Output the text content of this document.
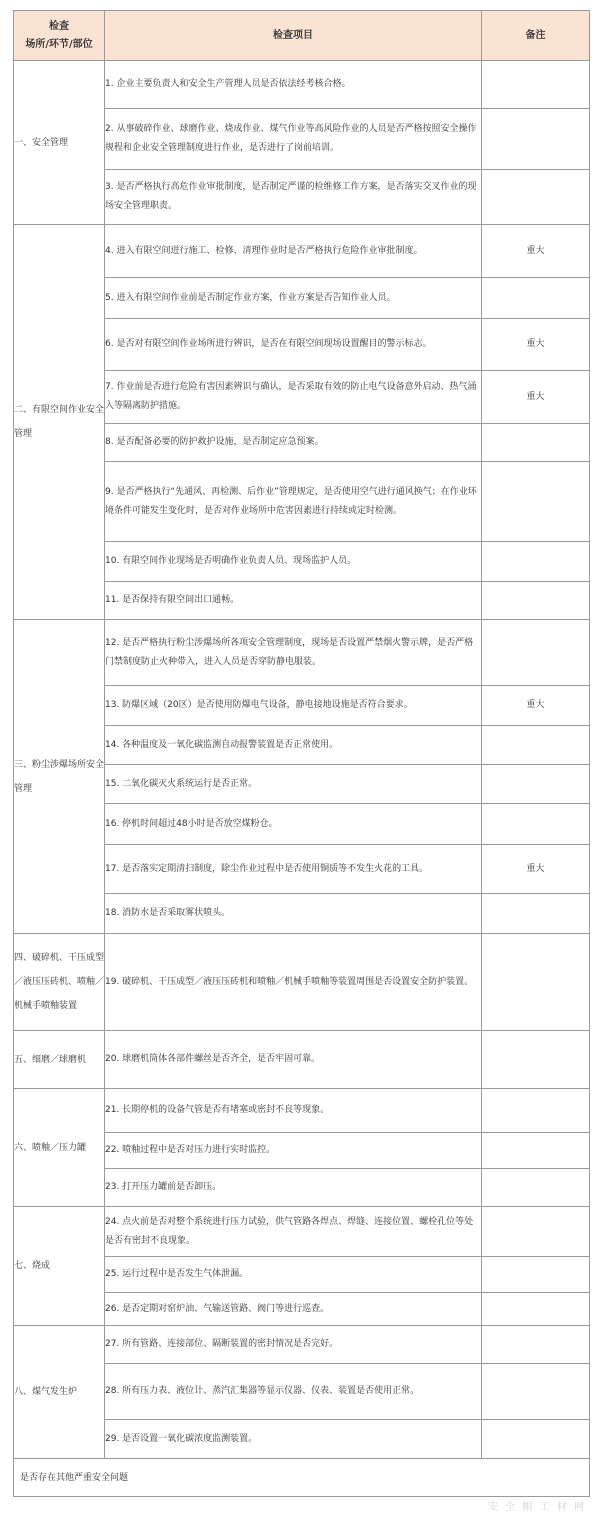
检查
场所/环节/部位	检查项目	备注
一、安全管理	1. 企业主要负责人和安全生产管理人员是否依法经考核合格。	
	2. 从事破碎作业、球磨作业、烧成作业、煤气作业等高风险作业的人员是否严格按照安全操作规程和企业安全管理制度进行作业，是否进行了岗前培训。	
	3. 是否严格执行高危作业审批制度，是否制定严谨的检维修工作方案，是否落实交叉作业的现场安全管理职责。	
二、有限空间作业安全管理	4. 进入有限空间进行施工、检修、清理作业时是否严格执行危险作业审批制度。	重大
	5. 进入有限空间作业前是否制定作业方案，作业方案是否告知作业人员。	
	6. 是否对有限空间作业场所进行辨识，是否在有限空间现场设置醒目的警示标志。	重大
	7. 作业前是否进行危险有害因素辨识与确认，是否采取有效的防止电气设备意外启动、热气涌入等隔离防护措施。	重大
	8. 是否配备必要的防护救护设施，是否制定应急预案。	
	9. 是否严格执行“先通风、再检测、后作业”管理规定，是否使用空气进行通风换气；在作业环境条件可能发生变化时，是否对作业场所中危害因素进行持续或定时检测。	
	10. 有限空间作业现场是否明确作业负责人员、现场监护人员。	
	11. 是否保持有限空间出口通畅。	
三、粉尘涉爆场所安全管理	12. 是否严格执行粉尘涉爆场所各项安全管理制度，现场是否设置严禁烟火警示牌，是否严格门禁制度防止火种带入，进入人员是否穿防静电服装。	
	13. 防爆区域（20区）是否使用防爆电气设备，静电接地设施是否符合要求。	重大
	14. 各种温度及一氧化碳监测自动报警装置是否正常使用。	
	15. 二氧化碳灭火系统运行是否正常。	
	16. 停机时间超过48小时是否放空煤粉仓。	
	17. 是否落实定期清扫制度，除尘作业过程中是否使用铜质等不发生火花的工具。	重大
	18. 消防水是否采取雾状喷头。	
四、破碎机、干压成型／液压压砖机、喷釉／机械手喷釉装置	19. 破碎机、干压成型／液压压砖机和喷釉／机械手喷釉等装置周围是否设置安全防护装置。	
五、细磨／球磨机	20. 球磨机筒体各部件螺丝是否齐全，是否牢固可靠。	
六、喷釉／压力罐	21. 长期停机的设备气管是否有堵塞或密封不良等现象。	
	22. 喷釉过程中是否对压力进行实时监控。	
	23. 打开压力罐前是否卸压。	
七、烧成	24. 点火前是否对整个系统进行压力试验，供气管路各焊点、焊缝、连接位置、螺栓孔位等处是否有密封不良现象。	
	25. 运行过程中是否发生气体泄漏。	
	26. 是否定期对窑炉油、气输送管路、阀门等进行巡查。	
八、煤气发生炉	27. 所有管路、连接部位、隔断装置的密封情况是否完好。	
	28. 所有压力表、液位计、蒸汽汇集器等显示仪器、仪表、装置是否使用正常。	
	29. 是否设置一氧化碳浓度监测装置。	
是否存在其他严重安全问题		
安 全 帽 工 材 网
